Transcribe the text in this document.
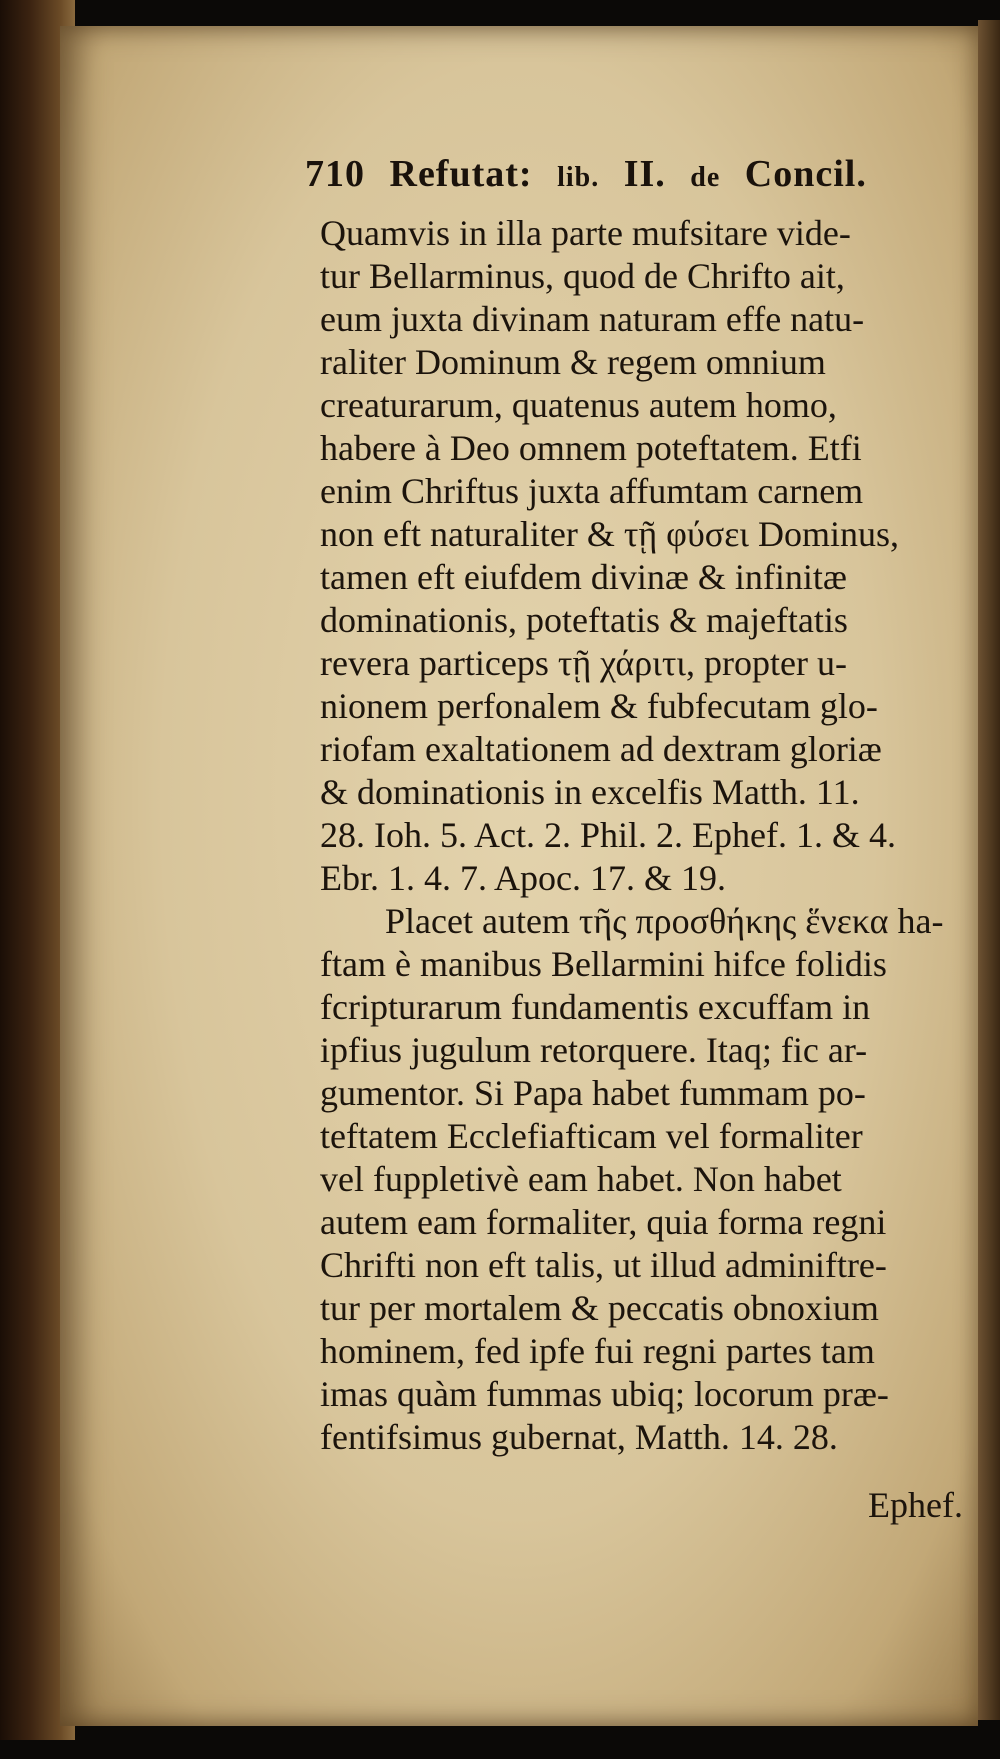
710 Refutat: lib. II. de Concil.
Quamvis in illa parte mufsitare vide-
tur Bellarminus, quod de Chrifto ait,
eum juxta divinam naturam effe natu-
raliter Dominum & regem omnium
creaturarum, quatenus autem homo,
habere à Deo omnem poteftatem. Etfi
enim Chriftus juxta affumtam carnem
non eft naturaliter & τῇ φύσει Dominus,
tamen eft eiufdem divinæ & infinitæ
dominationis, poteftatis & majeftatis
revera particeps τῇ χάριτι, propter u-
nionem perfonalem & fubfecutam glo-
riofam exaltationem ad dextram gloriæ
& dominationis in excelfis Matth. 11.
28. Ioh. 5. Act. 2. Phil. 2. Ephef. 1. & 4.
Ebr. 1. 4. 7. Apoc. 17. & 19.
Placet autem τῆς προσθήκης ἕνεκα ha-
ftam è manibus Bellarmini hifce folidis
fcripturarum fundamentis excuffam in
ipfius jugulum retorquere. Itaq; fic ar-
gumentor. Si Papa habet fummam po-
teftatem Ecclefiafticam vel formaliter
vel fuppletivè eam habet. Non habet
autem eam formaliter, quia forma regni
Chrifti non eft talis, ut illud adminiftre-
tur per mortalem & peccatis obnoxium
hominem, fed ipfe fui regni partes tam
imas quàm fummas ubiq; locorum præ-
fentifsimus gubernat, Matth. 14. 28.
Ephef.
